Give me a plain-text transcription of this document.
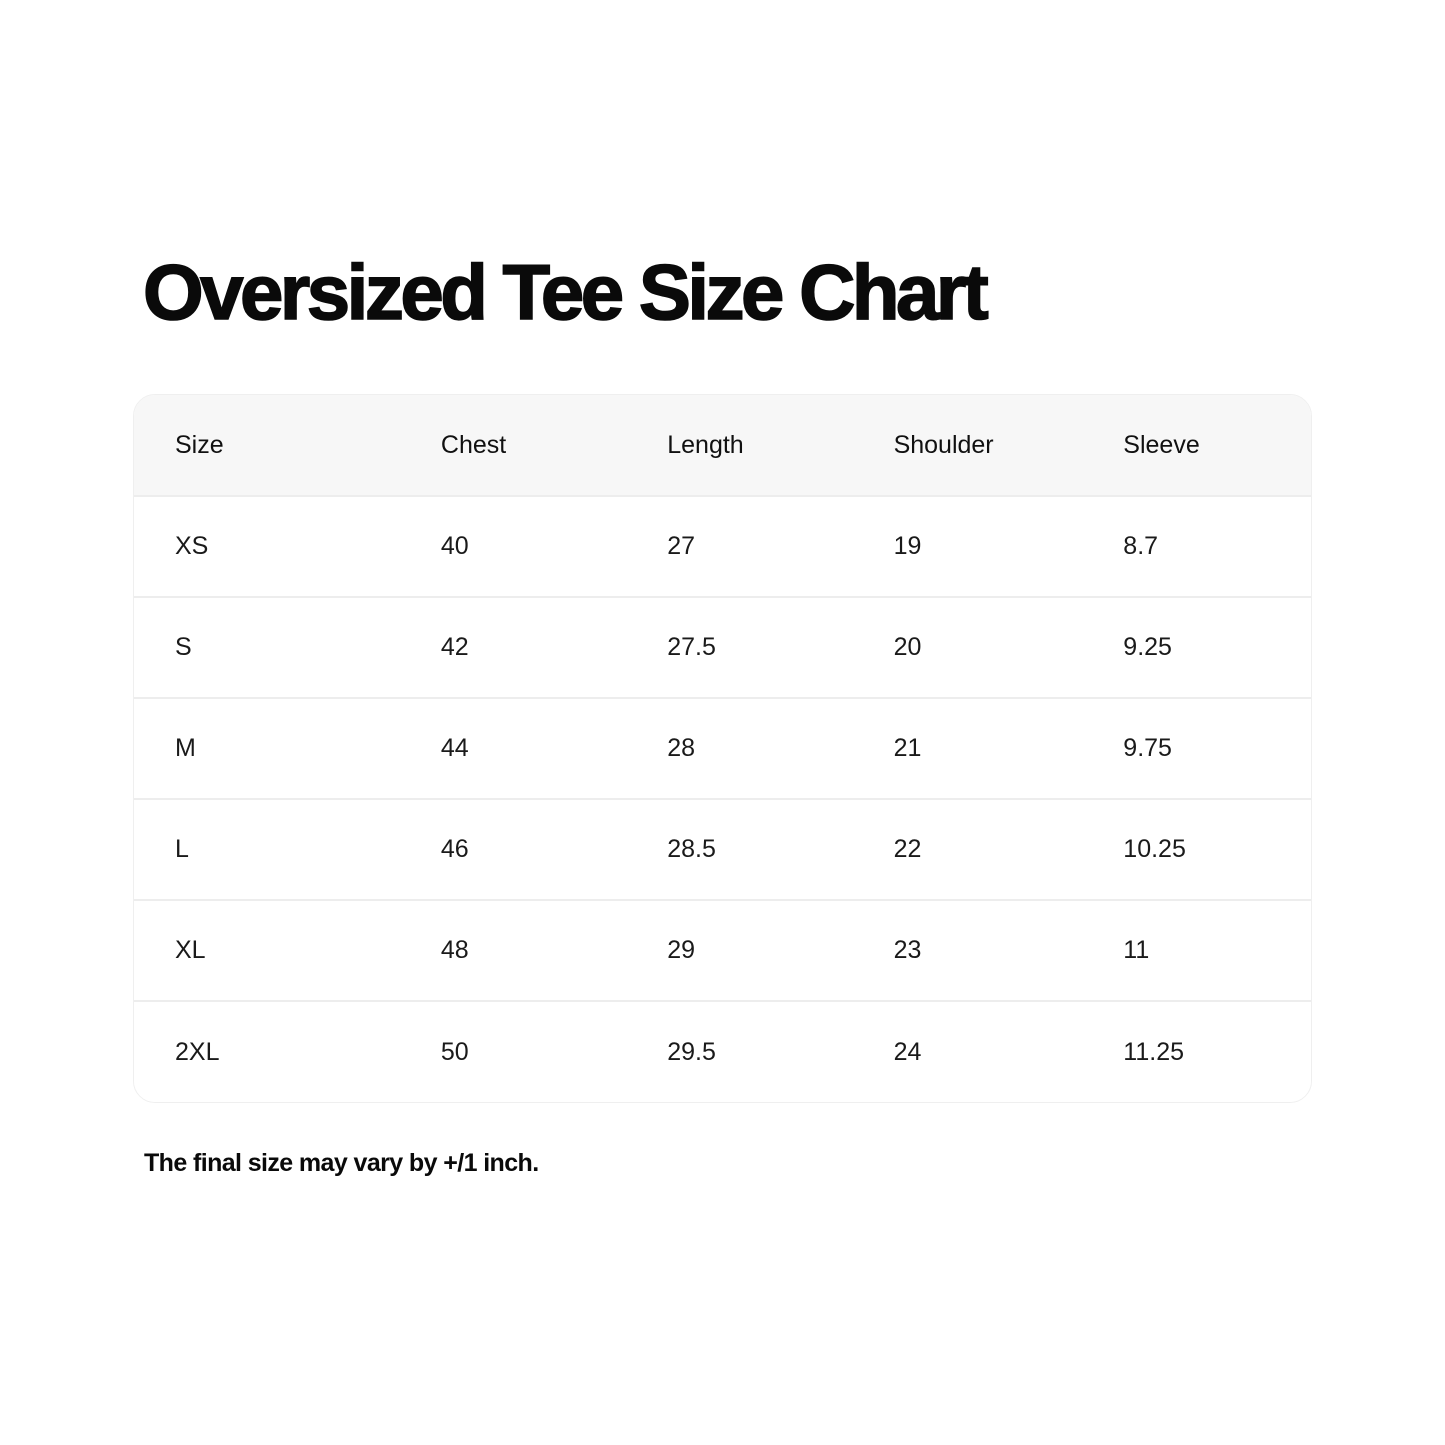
Oversized Tee Size Chart
Size	Chest	Length	Shoulder	Sleeve
XS	40	27	19	8.7
S	42	27.5	20	9.25
M	44	28	21	9.75
L	46	28.5	22	10.25
XL	48	29	23	11
2XL	50	29.5	24	11.25

The final size may vary by +/1 inch.
